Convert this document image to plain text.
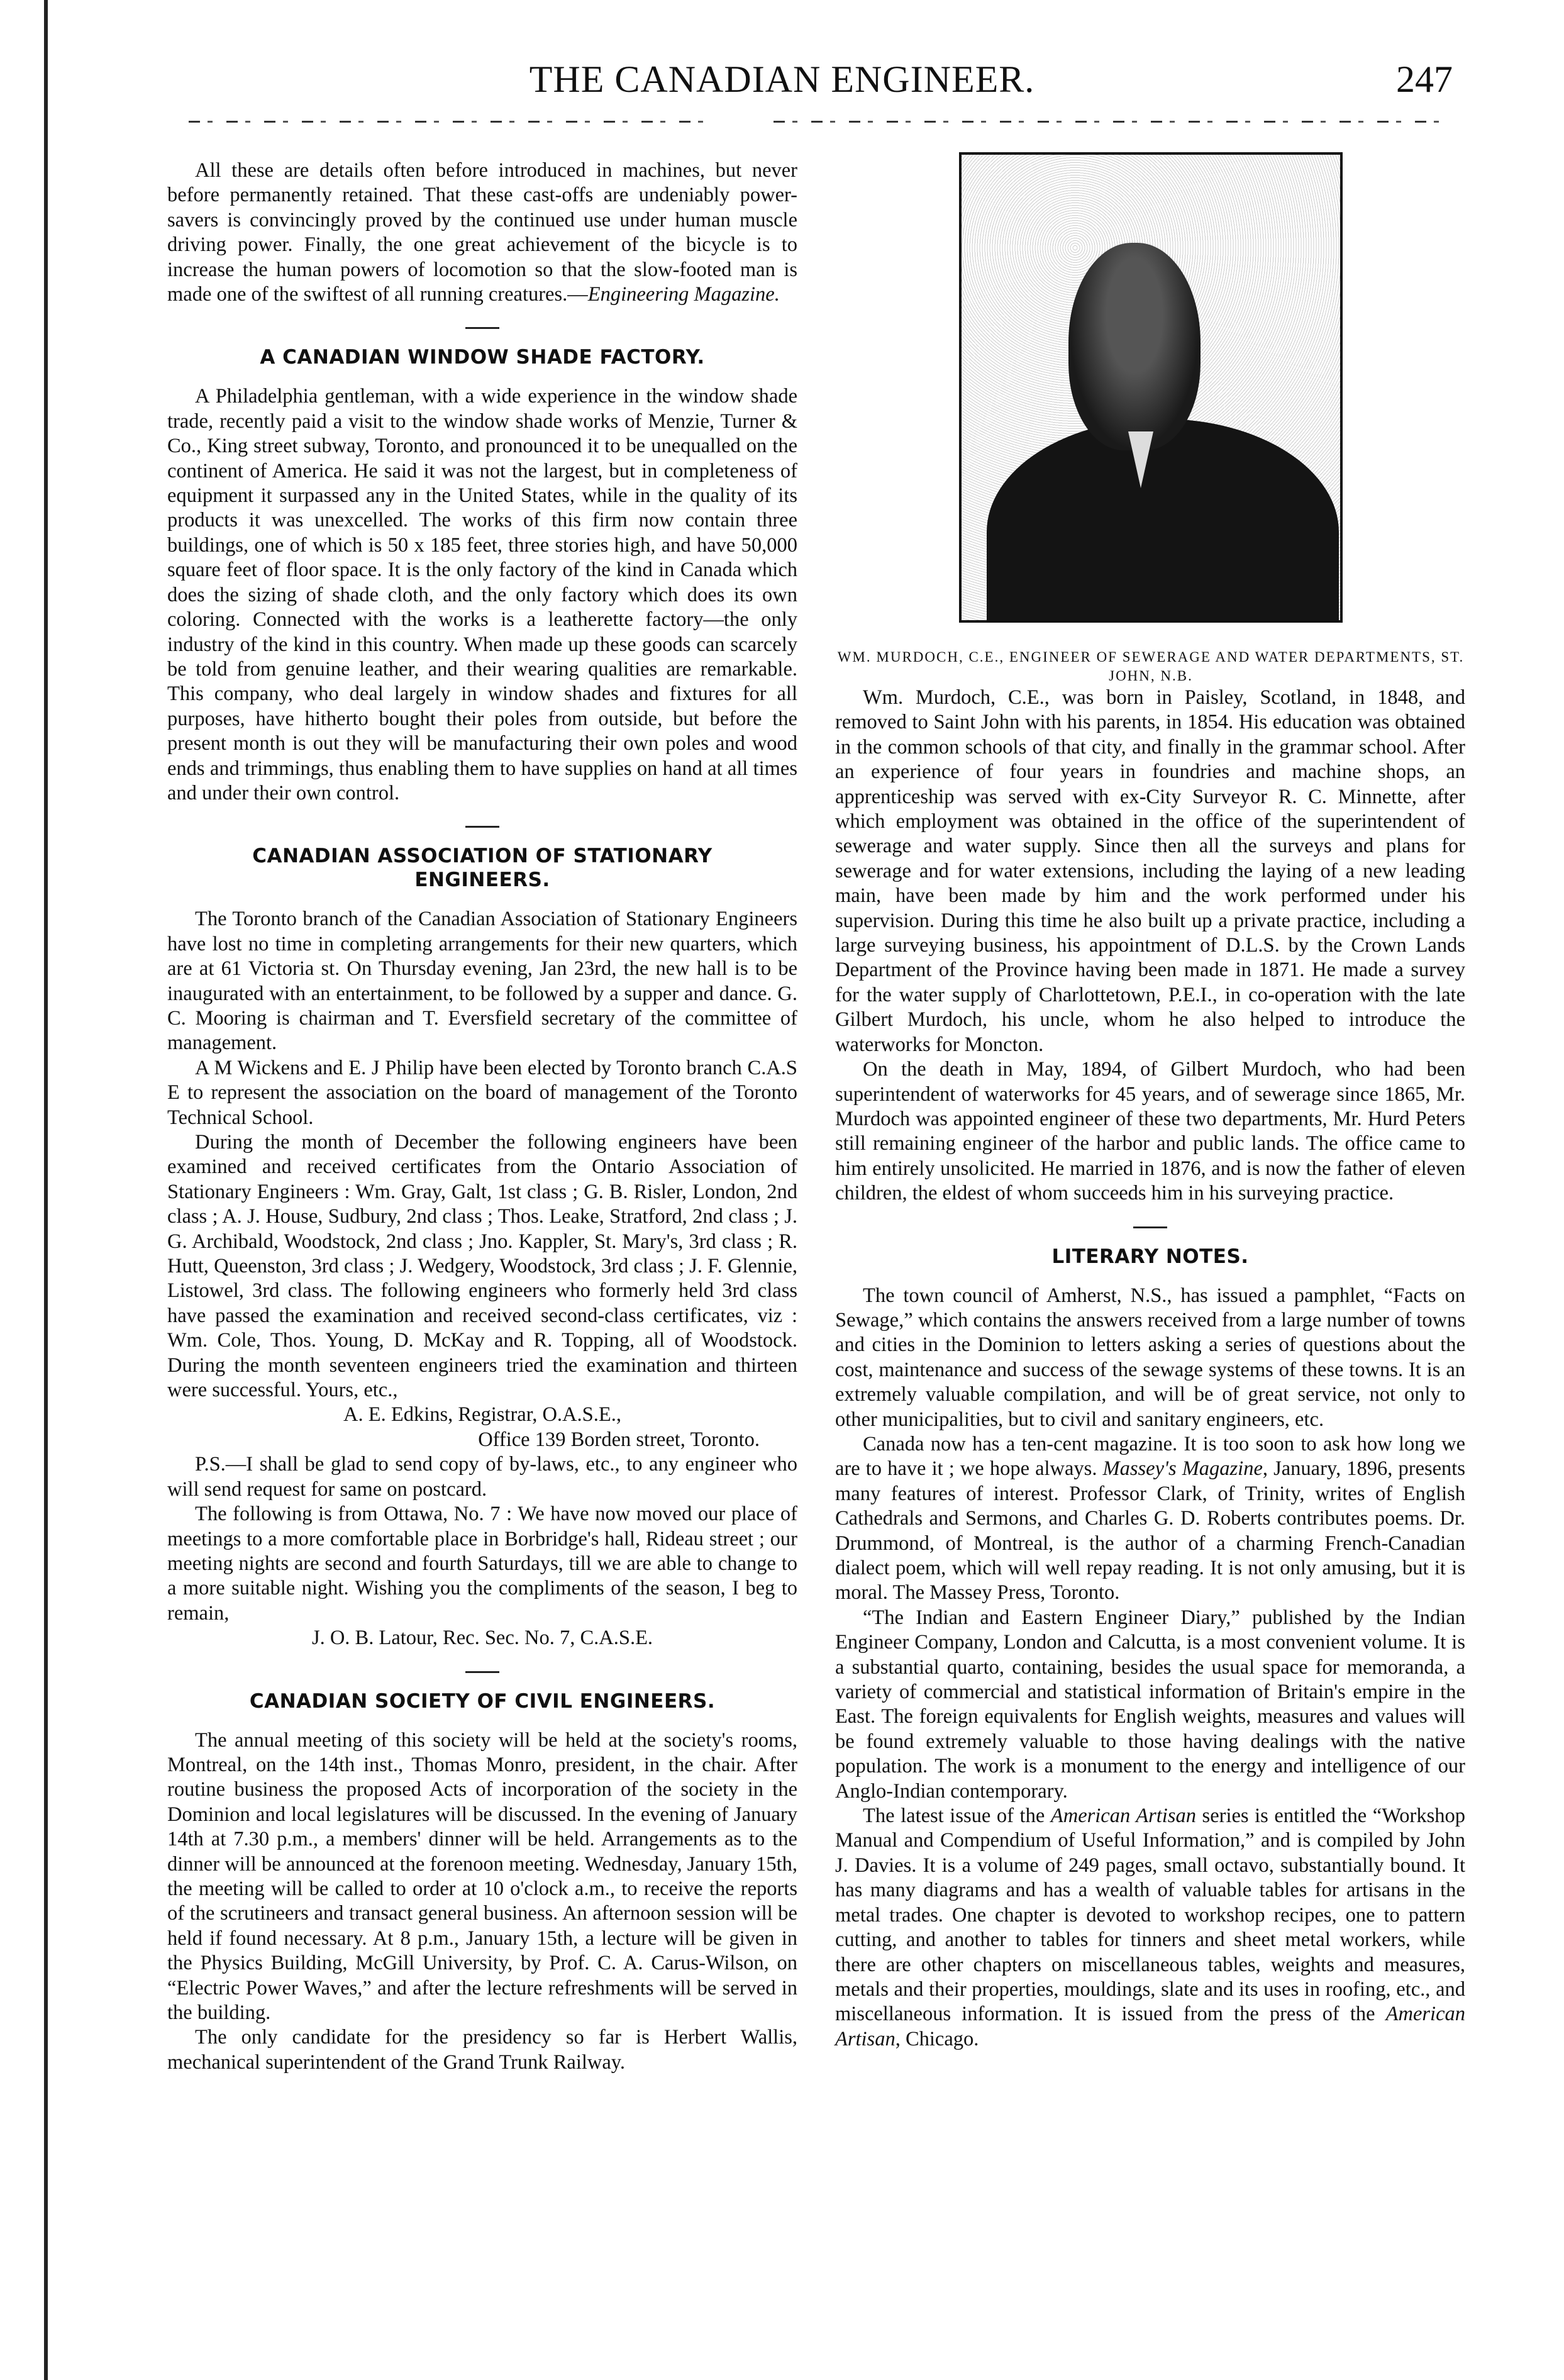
THE CANADIAN ENGINEER.	247

All these are details often before introduced in machines, but never before permanently retained. That these cast-offs are undeniably power-savers is convincingly proved by the continued use under human muscle driving power. Finally, the one great achievement of the bicycle is to increase the human powers of locomotion so that the slow-footed man is made one of the swiftest of all running creatures.—Engineering Magazine.

A CANADIAN WINDOW SHADE FACTORY.

A Philadelphia gentleman, with a wide experience in the window shade trade, recently paid a visit to the window shade works of Menzie, Turner & Co., King street subway, Toronto, and pronounced it to be unequalled on the continent of America. He said it was not the largest, but in completeness of equipment it surpassed any in the United States, while in the quality of its products it was unexcelled. The works of this firm now contain three buildings, one of which is 50 x 185 feet, three stories high, and have 50,000 square feet of floor space. It is the only factory of the kind in Canada which does the sizing of shade cloth, and the only factory which does its own coloring. Connected with the works is a leatherette factory—the only industry of the kind in this country. When made up these goods can scarcely be told from genuine leather, and their wearing qualities are remarkable. This company, who deal largely in window shades and fixtures for all purposes, have hitherto bought their poles from outside, but before the present month is out they will be manufacturing their own poles and wood ends and trimmings, thus enabling them to have supplies on hand at all times and under their own control.

CANADIAN ASSOCIATION OF STATIONARY ENGINEERS.

The Toronto branch of the Canadian Association of Stationary Engineers have lost no time in completing arrangements for their new quarters, which are at 61 Victoria st. On Thursday evening, Jan 23rd, the new hall is to be inaugurated with an entertainment, to be followed by a supper and dance. G. C. Mooring is chairman and T. Eversfield secretary of the committee of management.

A M Wickens and E. J Philip have been elected by Toronto branch C.A.S E to represent the association on the board of management of the Toronto Technical School.

During the month of December the following engineers have been examined and received certificates from the Ontario Association of Stationary Engineers : Wm. Gray, Galt, 1st class ; G. B. Risler, London, 2nd class ; A. J. House, Sudbury, 2nd class ; Thos. Leake, Stratford, 2nd class ; J. G. Archibald, Woodstock, 2nd class ; Jno. Kappler, St. Mary's, 3rd class ; R. Hutt, Queenston, 3rd class ; J. Wedgery, Woodstock, 3rd class ; J. F. Glennie, Listowel, 3rd class. The following engineers who formerly held 3rd class have passed the examination and received second-class certificates, viz : Wm. Cole, Thos. Young, D. McKay and R. Topping, all of Woodstock. During the month seventeen engineers tried the examination and thirteen were successful. Yours, etc.,

A. E. Edkins, Registrar, O.A.S.E.,

Office 139 Borden street, Toronto.

P.S.—I shall be glad to send copy of by-laws, etc., to any engineer who will send request for same on postcard.

The following is from Ottawa, No. 7 : We have now moved our place of meetings to a more comfortable place in Borbridge's hall, Rideau street ; our meeting nights are second and fourth Saturdays, till we are able to change to a more suitable night. Wishing you the compliments of the season, I beg to remain,

J. O. B. Latour, Rec. Sec. No. 7, C.A.S.E.

CANADIAN SOCIETY OF CIVIL ENGINEERS.

The annual meeting of this society will be held at the society's rooms, Montreal, on the 14th inst., Thomas Monro, president, in the chair. After routine business the proposed Acts of incorporation of the society in the Dominion and local legislatures will be discussed. In the evening of January 14th at 7.30 p.m., a members' dinner will be held. Arrangements as to the dinner will be announced at the forenoon meeting. Wednesday, January 15th, the meeting will be called to order at 10 o'clock a.m., to receive the reports of the scrutineers and transact general business. An afternoon session will be held if found necessary. At 8 p.m., January 15th, a lecture will be given in the Physics Building, McGill University, by Prof. C. A. Carus-Wilson, on “Electric Power Waves,” and after the lecture refreshments will be served in the building.

The only candidate for the presidency so far is Herbert Wallis, mechanical superintendent of the Grand Trunk Railway.

WM. MURDOCH, C.E., ENGINEER OF SEWERAGE AND WATER DEPARTMENTS, ST. JOHN, N.B.

Wm. Murdoch, C.E., was born in Paisley, Scotland, in 1848, and removed to Saint John with his parents, in 1854. His education was obtained in the common schools of that city, and finally in the grammar school. After an experience of four years in foundries and machine shops, an apprenticeship was served with ex-City Surveyor R. C. Minnette, after which employment was obtained in the office of the superintendent of sewerage and water supply. Since then all the surveys and plans for sewerage and for water extensions, including the laying of a new leading main, have been made by him and the work performed under his supervision. During this time he also built up a private practice, including a large surveying business, his appointment of D.L.S. by the Crown Lands Department of the Province having been made in 1871. He made a survey for the water supply of Charlottetown, P.E.I., in co-operation with the late Gilbert Murdoch, his uncle, whom he also helped to introduce the waterworks for Moncton.

On the death in May, 1894, of Gilbert Murdoch, who had been superintendent of waterworks for 45 years, and of sewerage since 1865, Mr. Murdoch was appointed engineer of these two departments, Mr. Hurd Peters still remaining engineer of the harbor and public lands. The office came to him entirely unsolicited. He married in 1876, and is now the father of eleven children, the eldest of whom succeeds him in his surveying practice.

LITERARY NOTES.

The town council of Amherst, N.S., has issued a pamphlet, “Facts on Sewage,” which contains the answers received from a large number of towns and cities in the Dominion to letters asking a series of questions about the cost, maintenance and success of the sewage systems of these towns. It is an extremely valuable compilation, and will be of great service, not only to other municipalities, but to civil and sanitary engineers, etc.

Canada now has a ten-cent magazine. It is too soon to ask how long we are to have it ; we hope always. Massey's Magazine, January, 1896, presents many features of interest. Professor Clark, of Trinity, writes of English Cathedrals and Sermons, and Charles G. D. Roberts contributes poems. Dr. Drummond, of Montreal, is the author of a charming French-Canadian dialect poem, which will well repay reading. It is not only amusing, but it is moral. The Massey Press, Toronto.

“The Indian and Eastern Engineer Diary,” published by the Indian Engineer Company, London and Calcutta, is a most convenient volume. It is a substantial quarto, containing, besides the usual space for memoranda, a variety of commercial and statistical information of Britain's empire in the East. The foreign equivalents for English weights, measures and values will be found extremely valuable to those having dealings with the native population. The work is a monument to the energy and intelligence of our Anglo-Indian contemporary.

The latest issue of the American Artisan series is entitled the “Workshop Manual and Compendium of Useful Information,” and is compiled by John J. Davies. It is a volume of 249 pages, small octavo, substantially bound. It has many diagrams and has a wealth of valuable tables for artisans in the metal trades. One chapter is devoted to workshop recipes, one to pattern cutting, and another to tables for tinners and sheet metal workers, while there are other chapters on miscellaneous tables, weights and measures, metals and their properties, mouldings, slate and its uses in roofing, etc., and miscellaneous information. It is issued from the press of the American Artisan, Chicago.
